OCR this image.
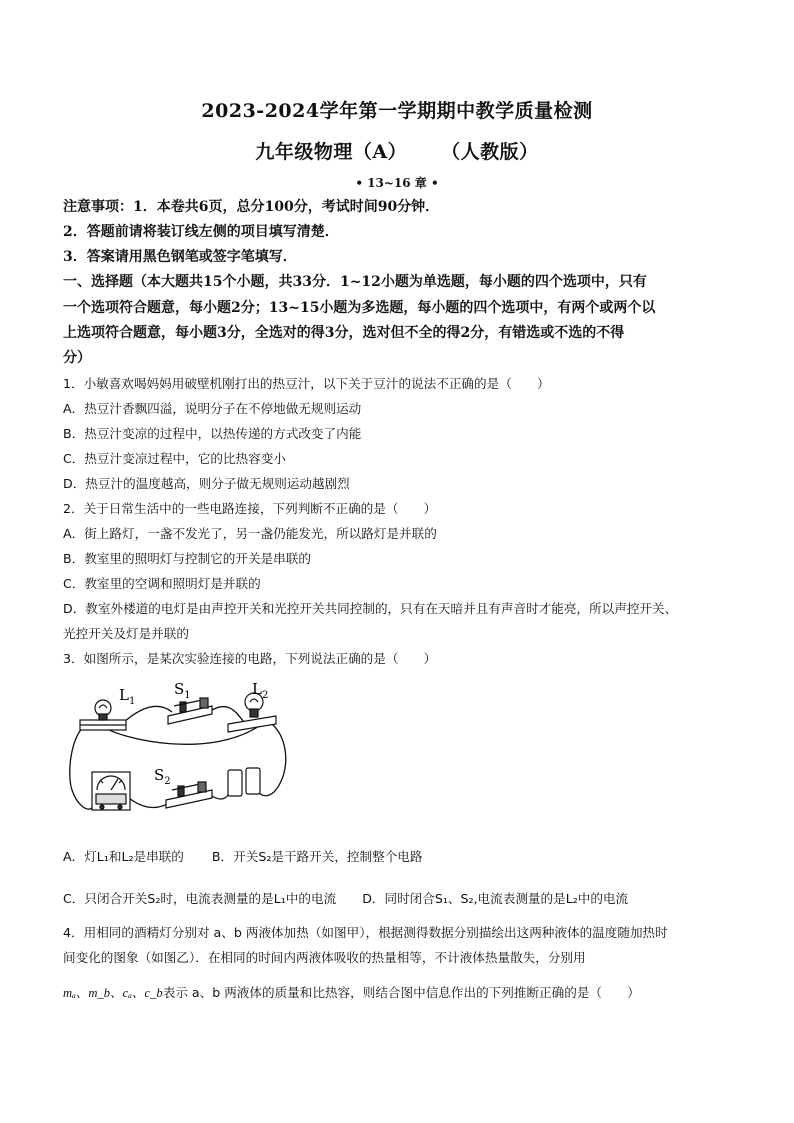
2023-2024学年第一学期期中教学质量检测
九年级物理（A） （人教版）
• 13~16 章 •
注意事项：1．本卷共6页，总分100分，考试时间90分钟．
2．答题前请将装订线左侧的项目填写清楚．
3．答案请用黑色钢笔或签字笔填写．
一、选择题（本大题共15个小题，共33分．1~12小题为单选题，每小题的四个选项中，只有
一个选项符合题意，每小题2分；13~15小题为多选题，每小题的四个选项中，有两个或两个以
上选项符合题意，每小题3分，全选对的得3分，选对但不全的得2分，有错选或不选的不得
分）
1．小敏喜欢喝妈妈用破壁机刚打出的热豆汁，以下关于豆汁的说法不正确的是（　　）
A．热豆汁香飘四溢，说明分子在不停地做无规则运动
B．热豆汁变凉的过程中，以热传递的方式改变了内能
C．热豆汁变凉过程中，它的比热容变小
D．热豆汁的温度越高，则分子做无规则运动越剧烈
2．关于日常生活中的一些电路连接，下列判断不正确的是（　　）
A．街上路灯，一盏不发光了，另一盏仍能发光，所以路灯是并联的
B．教室里的照明灯与控制它的开关是串联的
C．教室里的空调和照明灯是并联的
D．教室外楼道的电灯是由声控开关和光控开关共同控制的，只有在天暗并且有声音时才能亮，所以声控开关、
光控开关及灯是并联的
3．如图所示，是某次实验连接的电路，下列说法正确的是（　　）
$L_1$
$S_1$	$L_2$
$S_2$
A．灯L₁和L₂是串联的 B．开关S₂是干路开关，控制整个电路
C．只闭合开关S₂时，电流表测量的是L₁中的电流 D．同时闭合S₁、S₂,电流表测量的是L₂中的电流
4．用相同的酒精灯分别对 a、b 两液体加热（如图甲），根据测得数据分别描绘出这两种液体的温度随加热时
间变化的图象（如图乙）．在相同的时间内两液体吸收的热量相等，不计液体热量散失，分别用
mₐ、m_b、cₐ、c_b表示 a、b 两液体的质量和比热容，则结合图中信息作出的下列推断正确的是（　　）
